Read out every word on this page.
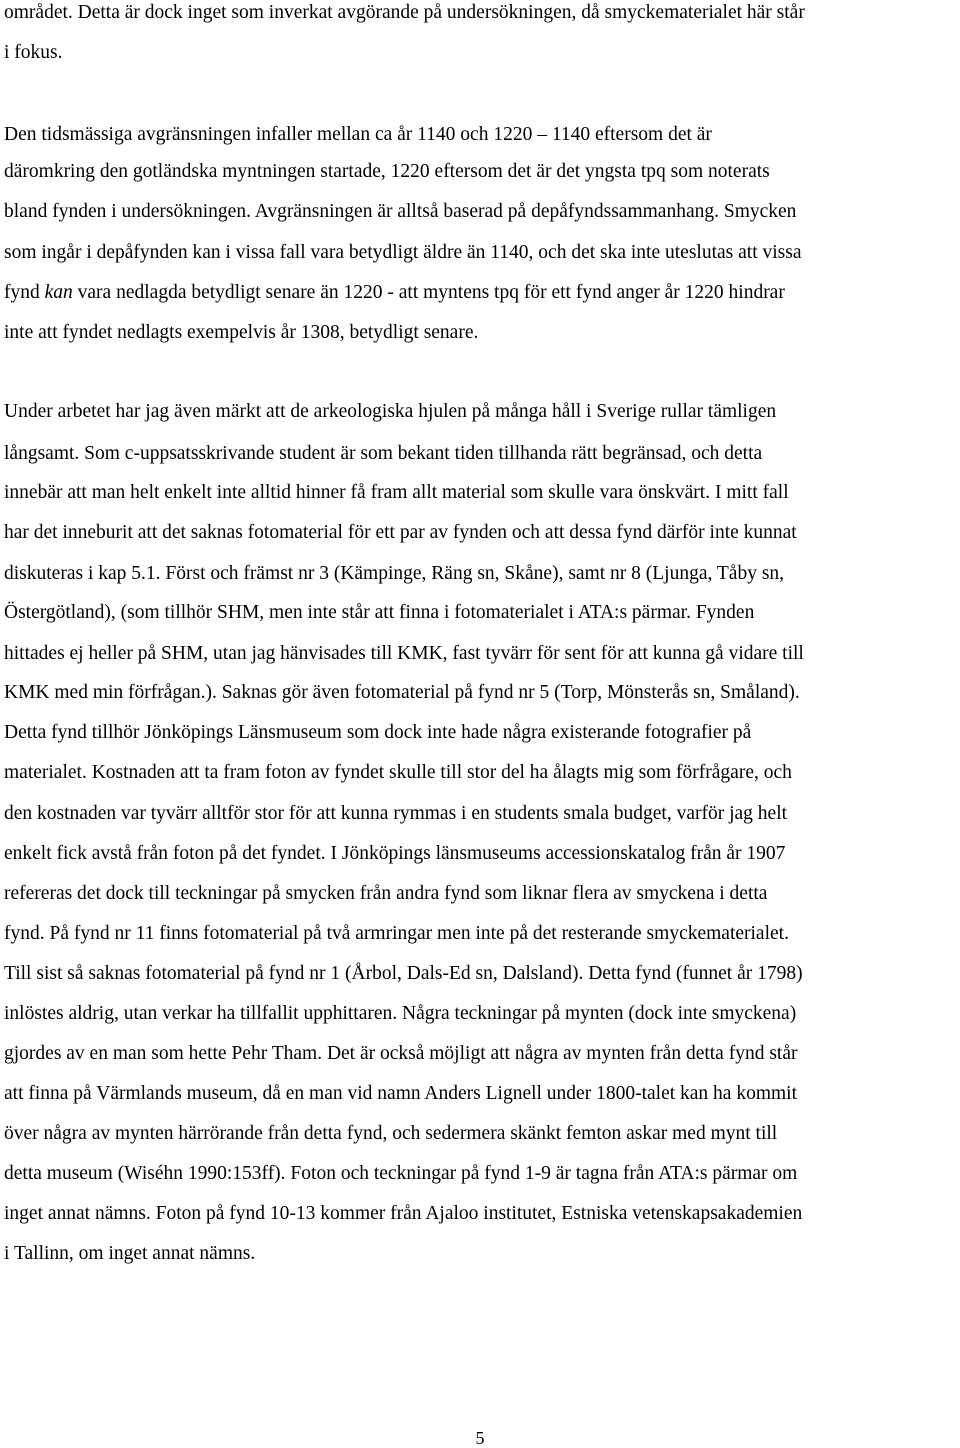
området. Detta är dock inget som inverkat avgörande på undersökningen, då smyckematerialet här står
i fokus.
Den tidsmässiga avgränsningen infaller mellan ca år 1140 och 1220 – 1140 eftersom det är
däromkring den gotländska myntningen startade, 1220 eftersom det är det yngsta tpq som noterats
bland fynden i undersökningen. Avgränsningen är alltså baserad på depåfyndssammanhang. Smycken
som ingår i depåfynden kan i vissa fall vara betydligt äldre än 1140, och det ska inte uteslutas att vissa
fynd kan vara nedlagda betydligt senare än 1220 - att myntens tpq för ett fynd anger år 1220 hindrar
inte att fyndet nedlagts exempelvis år 1308, betydligt senare.
Under arbetet har jag även märkt att de arkeologiska hjulen på många håll i Sverige rullar tämligen
långsamt. Som c-uppsatsskrivande student är som bekant tiden tillhanda rätt begränsad, och detta
innebär att man helt enkelt inte alltid hinner få fram allt material som skulle vara önskvärt. I mitt fall
har det inneburit att det saknas fotomaterial för ett par av fynden och att dessa fynd därför inte kunnat
diskuteras i kap 5.1. Först och främst nr 3 (Kämpinge, Räng sn, Skåne), samt nr 8 (Ljunga, Tåby sn,
Östergötland), (som tillhör SHM, men inte står att finna i fotomaterialet i ATA:s pärmar. Fynden
hittades ej heller på SHM, utan jag hänvisades till KMK, fast tyvärr för sent för att kunna gå vidare till
KMK med min förfrågan.). Saknas gör även fotomaterial på fynd nr 5 (Torp, Mönsterås sn, Småland).
Detta fynd tillhör Jönköpings Länsmuseum som dock inte hade några existerande fotografier på
materialet. Kostnaden att ta fram foton av fyndet skulle till stor del ha ålagts mig som förfrågare, och
den kostnaden var tyvärr alltför stor för att kunna rymmas i en students smala budget, varför jag helt
enkelt fick avstå från foton på det fyndet. I Jönköpings länsmuseums accessionskatalog från år 1907
refereras det dock till teckningar på smycken från andra fynd som liknar flera av smyckena i detta
fynd. På fynd nr 11 finns fotomaterial på två armringar men inte på det resterande smyckematerialet.
Till sist så saknas fotomaterial på fynd nr 1 (Årbol, Dals-Ed sn, Dalsland). Detta fynd (funnet år 1798)
inlöstes aldrig, utan verkar ha tillfallit upphittaren. Några teckningar på mynten (dock inte smyckena)
gjordes av en man som hette Pehr Tham. Det är också möjligt att några av mynten från detta fynd står
att finna på Värmlands museum, då en man vid namn Anders Lignell under 1800-talet kan ha kommit
över några av mynten härrörande från detta fynd, och sedermera skänkt femton askar med mynt till
detta museum (Wiséhn 1990:153ff). Foton och teckningar på fynd 1-9 är tagna från ATA:s pärmar om
inget annat nämns. Foton på fynd 10-13 kommer från Ajaloo institutet, Estniska vetenskapsakademien
i Tallinn, om inget annat nämns.
5
